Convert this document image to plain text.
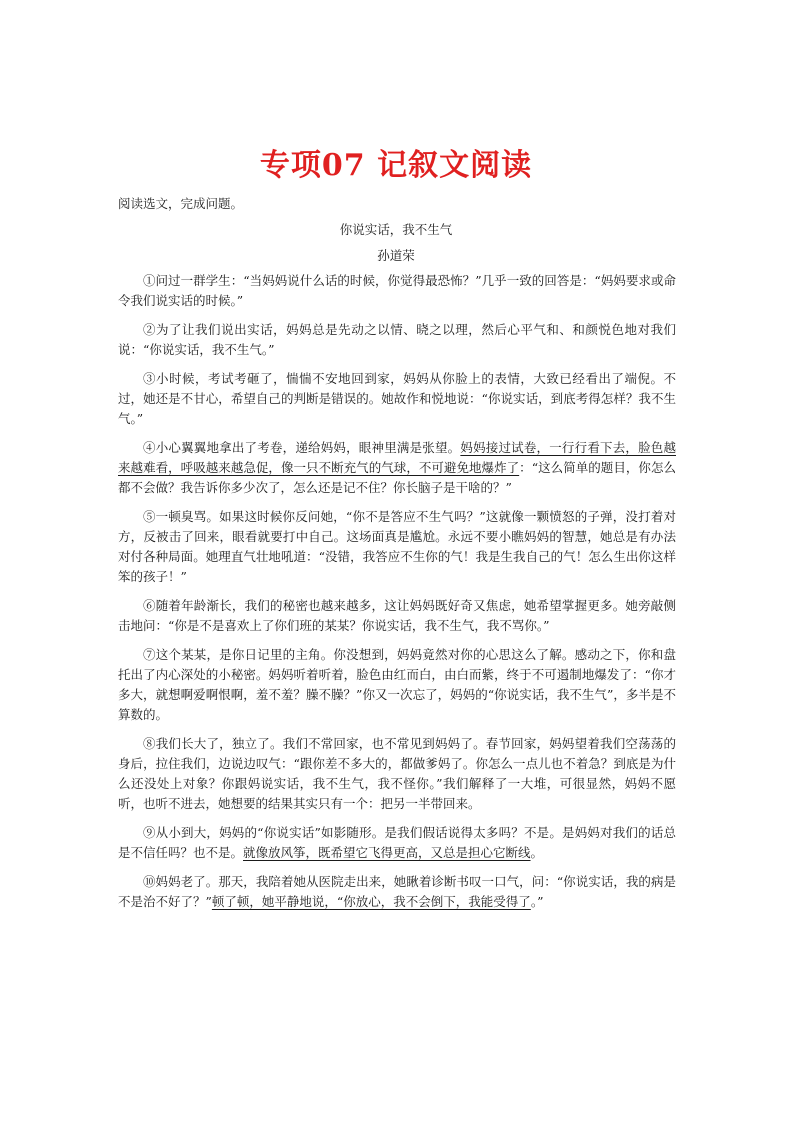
专项07 记叙文阅读
阅读选文，完成问题。
你说实话，我不生气
孙道荣

①问过一群学生：“当妈妈说什么话的时候，你觉得最恐怖？”几乎一致的回答是：“妈妈要求或命令我们说实话的时候。”

②为了让我们说出实话，妈妈总是先动之以情、晓之以理，然后心平气和、和颜悦色地对我们说：“你说实话，我不生气。”

③小时候，考试考砸了，惴惴不安地回到家，妈妈从你脸上的表情，大致已经看出了端倪。不过，她还是不甘心，希望自己的判断是错误的。她故作和悦地说：“你说实话，到底考得怎样？我不生气。”

④小心翼翼地拿出了考卷，递给妈妈，眼神里满是张望。妈妈接过试卷，一行行看下去，脸色越来越难看，呼吸越来越急促，像一只不断充气的气球，不可避免地爆炸了：“这么简单的题目，你怎么都不会做？我告诉你多少次了，怎么还是记不住？你长脑子是干啥的？”

⑤一顿臭骂。如果这时候你反问她，“你不是答应不生气吗？”这就像一颗愤怒的子弹，没打着对方，反被击了回来，眼看就要打中自己。这场面真是尴尬。永远不要小瞧妈妈的智慧，她总是有办法对付各种局面。她理直气壮地吼道：“没错，我答应不生你的气！我是生我自己的气！怎么生出你这样笨的孩子！”

⑥随着年龄渐长，我们的秘密也越来越多，这让妈妈既好奇又焦虑，她希望掌握更多。她旁敲侧击地问：“你是不是喜欢上了你们班的某某？你说实话，我不生气，我不骂你。”

⑦这个某某，是你日记里的主角。你没想到，妈妈竟然对你的心思这么了解。感动之下，你和盘托出了内心深处的小秘密。妈妈听着听着，脸色由红而白，由白而紫，终于不可遏制地爆发了：“你才多大，就想啊爱啊恨啊，羞不羞？臊不臊？”你又一次忘了，妈妈的“你说实话，我不生气”，多半是不算数的。

⑧我们长大了，独立了。我们不常回家，也不常见到妈妈了。春节回家，妈妈望着我们空荡荡的身后，拉住我们，边说边叹气：“跟你差不多大的，都做爹妈了。你怎么一点儿也不着急？到底是为什么还没处上对象？你跟妈说实话，我不生气，我不怪你。”我们解释了一大堆，可很显然，妈妈不愿听，也听不进去，她想要的结果其实只有一个：把另一半带回来。

⑨从小到大，妈妈的“你说实话”如影随形。是我们假话说得太多吗？不是。是妈妈对我们的话总是不信任吗？也不是。就像放风筝，既希望它飞得更高，又总是担心它断线。

⑩妈妈老了。那天，我陪着她从医院走出来，她瞅着诊断书叹一口气，问：“你说实话，我的病是不是治不好了？”顿了顿，她平静地说，“你放心，我不会倒下，我能受得了。”
